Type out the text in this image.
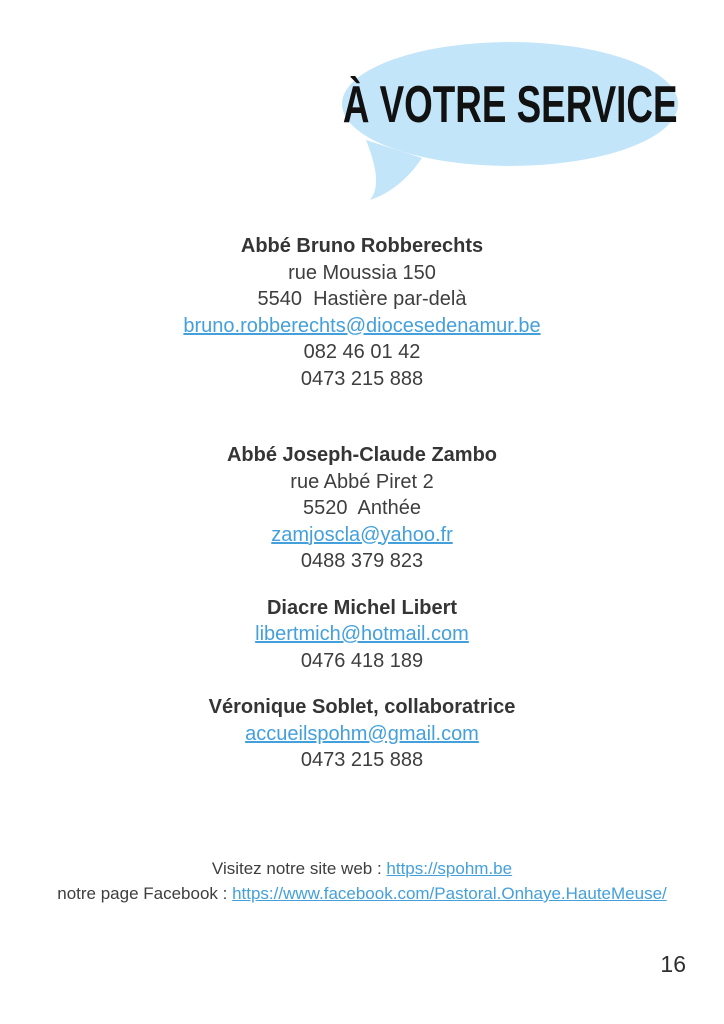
À VOTRE SERVICE
Abbé Bruno Robberechts
rue Moussia 150
5540  Hastière par-delà
bruno.robberechts@diocesedenamur.be
082 46 01 42
0473 215 888
Abbé Joseph-Claude Zambo
rue Abbé Piret 2
5520  Anthée
zamjoscla@yahoo.fr
0488 379 823
Diacre Michel Libert
libertmich@hotmail.com
0476 418 189
Véronique Soblet, collaboratrice
accueilspohm@gmail.com
0473 215 888
Visitez notre site web : https://spohm.be
notre page Facebook : https://www.facebook.com/Pastoral.Onhaye.HauteMeuse/
16
